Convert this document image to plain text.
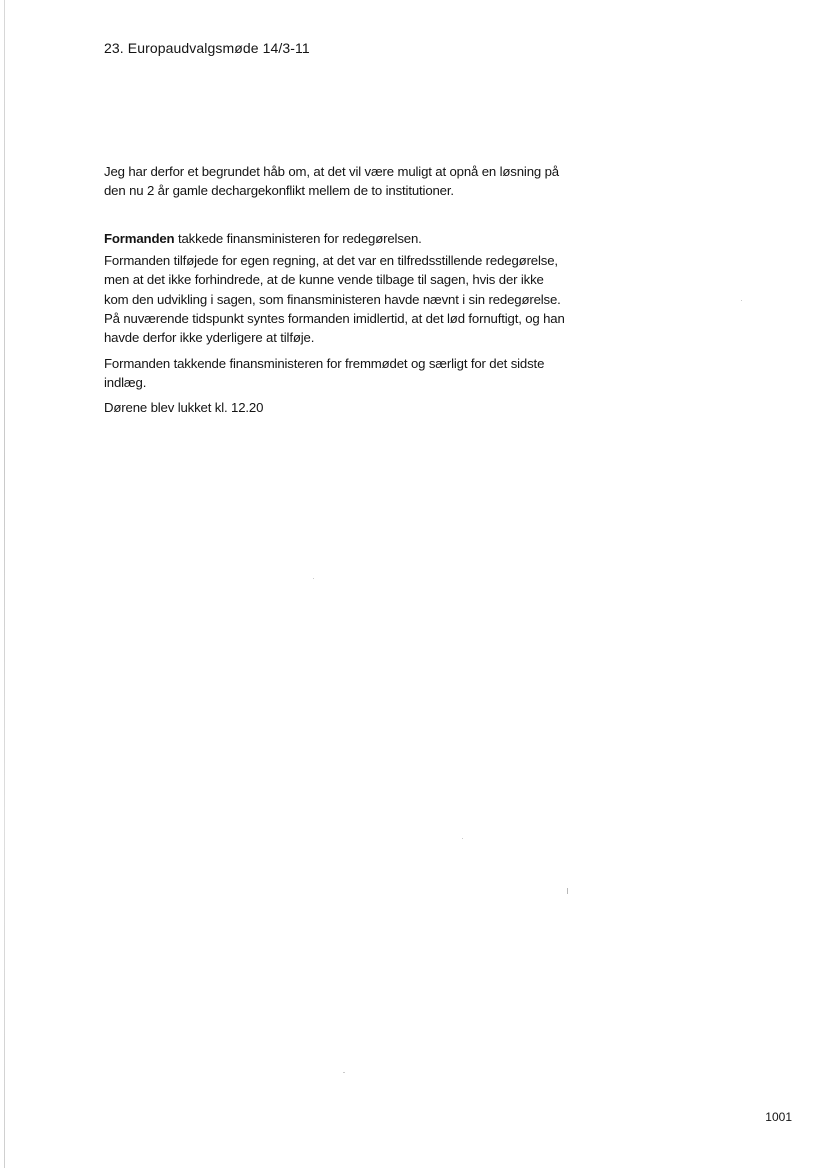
23. Europaudvalgsmøde 14/3-11

Jeg har derfor et begrundet håb om, at det vil være muligt at opnå en løsning på
den nu 2 år gamle dechargekonflikt mellem de to institutioner.

Formanden takkede finansministeren for redegørelsen.

Formanden tilføjede for egen regning, at det var en tilfredsstillende redegørelse,
men at det ikke forhindrede, at de kunne vende tilbage til sagen, hvis der ikke
kom den udvikling i sagen, som finansministeren havde nævnt i sin redegørelse.
På nuværende tidspunkt syntes formanden imidlertid, at det lød fornuftigt, og han
havde derfor ikke yderligere at tilføje.

Formanden takkende finansministeren for fremmødet og særligt for det sidste
indlæg.

Dørene blev lukket kl. 12.20

1001
